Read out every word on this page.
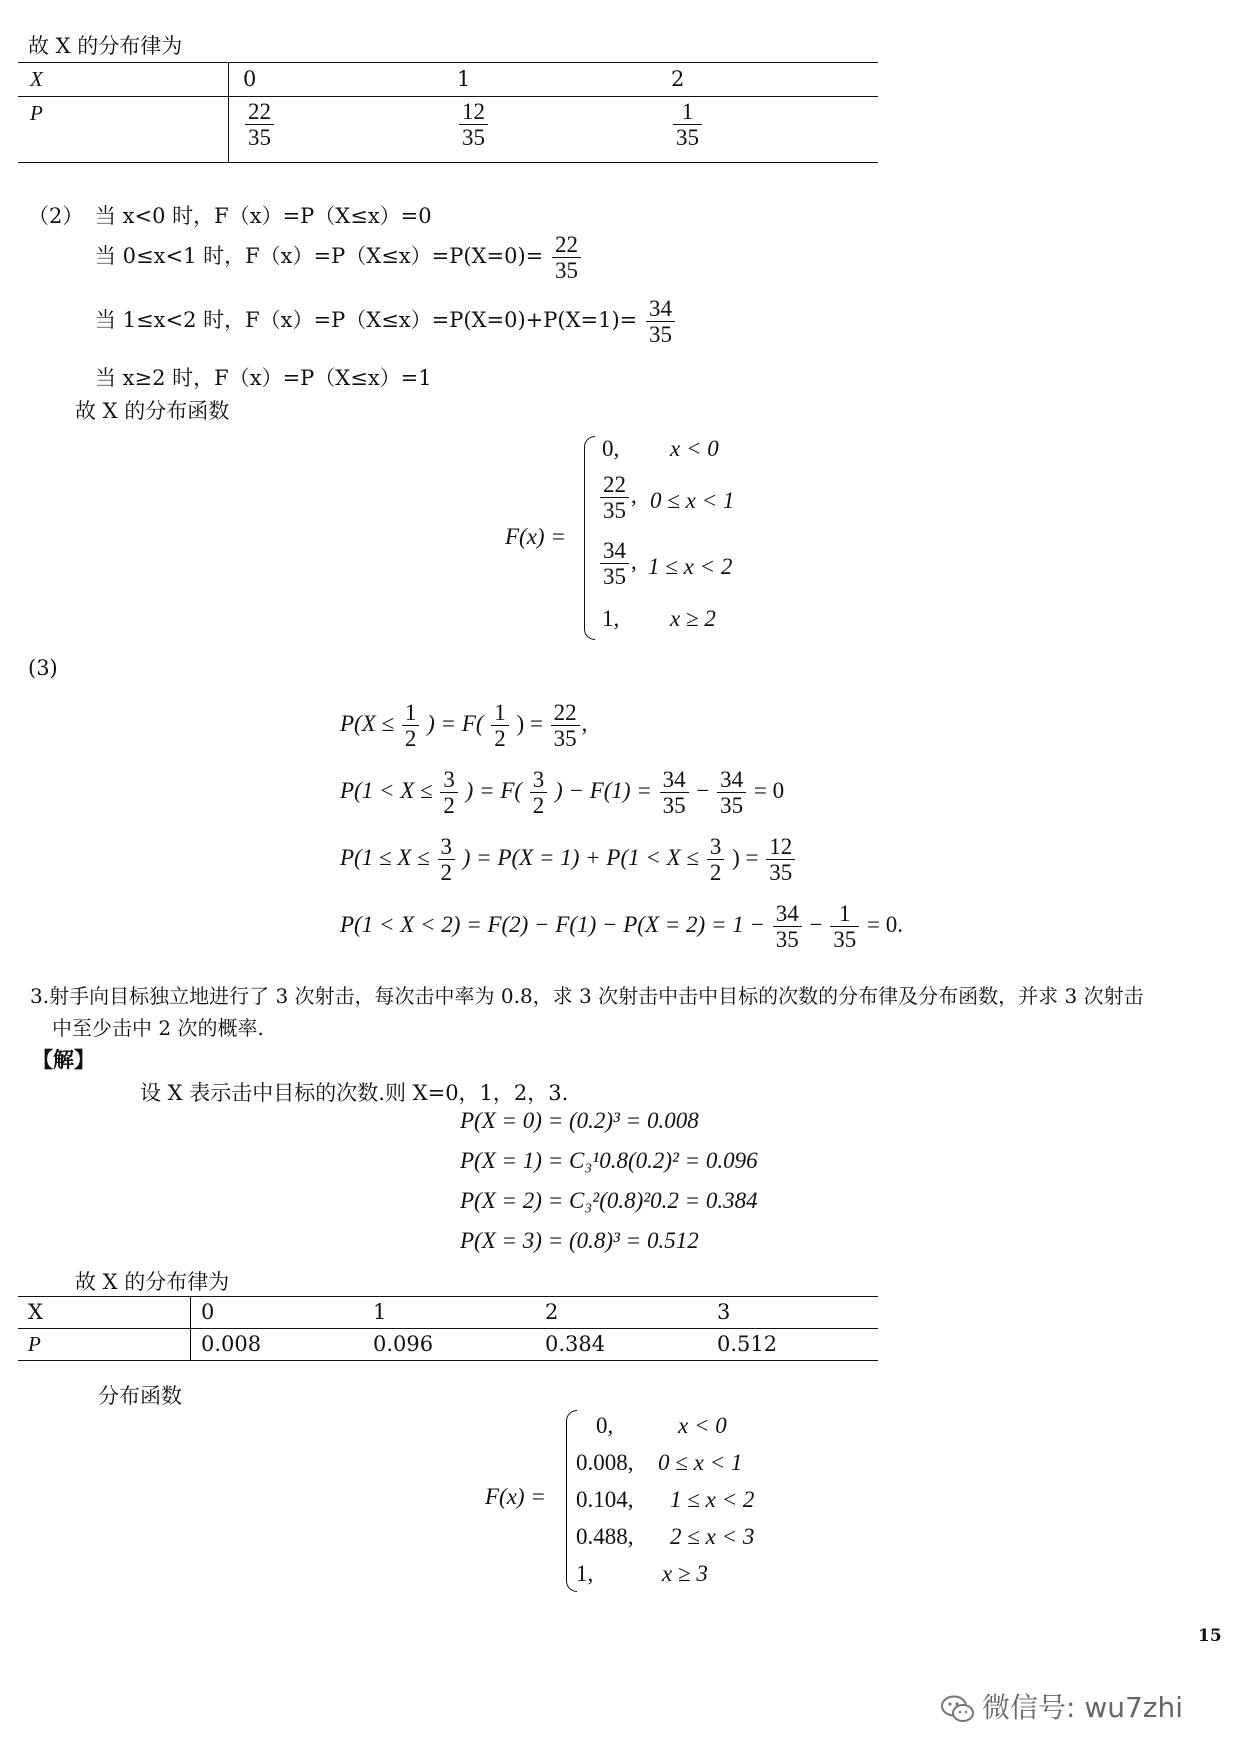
故 X 的分布律为
X	0	1	2
P	$\frac{22}{35}$	$\frac{12}{35}$	$\frac{1}{35}$
（2） 当 x<0 时，F（x）=P（X≤x）=0
当 0≤x<1 时，$F(x)=P(X\le x)=P(X=0)= \frac{22}{35}$
当 1≤x<2 时，$F(x)=P(X\le x)=P(X=0)+P(X=1)= \frac{34}{35}$
当 x≥2 时，F（x）=P（X≤x）=1
故 X 的分布函数
F(x) =
0, x < 0
$\frac{22}{35}$ , 0 ≤ x < 1
$\frac{34}{35}$ , 1 ≤ x < 2
1, x ≥ 2
(3)
$P(X \le \frac{1}{2}$ ) = $F( \frac{1}{2}$ ) = $\frac{22}{35}$ ,
$P(1 < X \le \frac{3}{2}$ ) = $F( \frac{3}{2}$ ) − $F(1) = \frac{34}{35} - \frac{34}{35} = 0$
$P(1 \le X \le \frac{3}{2}$ ) = $P(X = 1) + P(1 < X \le \frac{3}{2}$ ) = $\frac{12}{35}$
$P(1 < X < 2) = F(2) - F(1) - P(X = 2) = 1 - \frac{34}{35} - \frac{1}{35} = 0$.
3.射手向目标独立地进行了 3 次射击，每次击中率为 0.8，求 3 次射击中击中目标的次数的分布律及分布函数，并求 3 次射击
中至少击中 2 次的概率.
【解】
设 X 表示击中目标的次数.则 X=0，1，2，3.
P(X = 0) = (0.2)³ = 0.008
P(X = 1) = C₃¹0.8(0.2)² = 0.096
P(X = 2) = C₃²(0.8)²0.2 = 0.384
P(X = 3) = (0.8)³ = 0.512
故 X 的分布律为
X	0	1	2	3
P	0.008	0.096	0.384	0.512
分布函数
F(x) =
0,	x < 0
0.008, 0 ≤ x < 1
0.104, 1 ≤ x < 2
0.488, 2 ≤ x < 3
1,	x ≥ 3
15
微信号: wu7zhi
